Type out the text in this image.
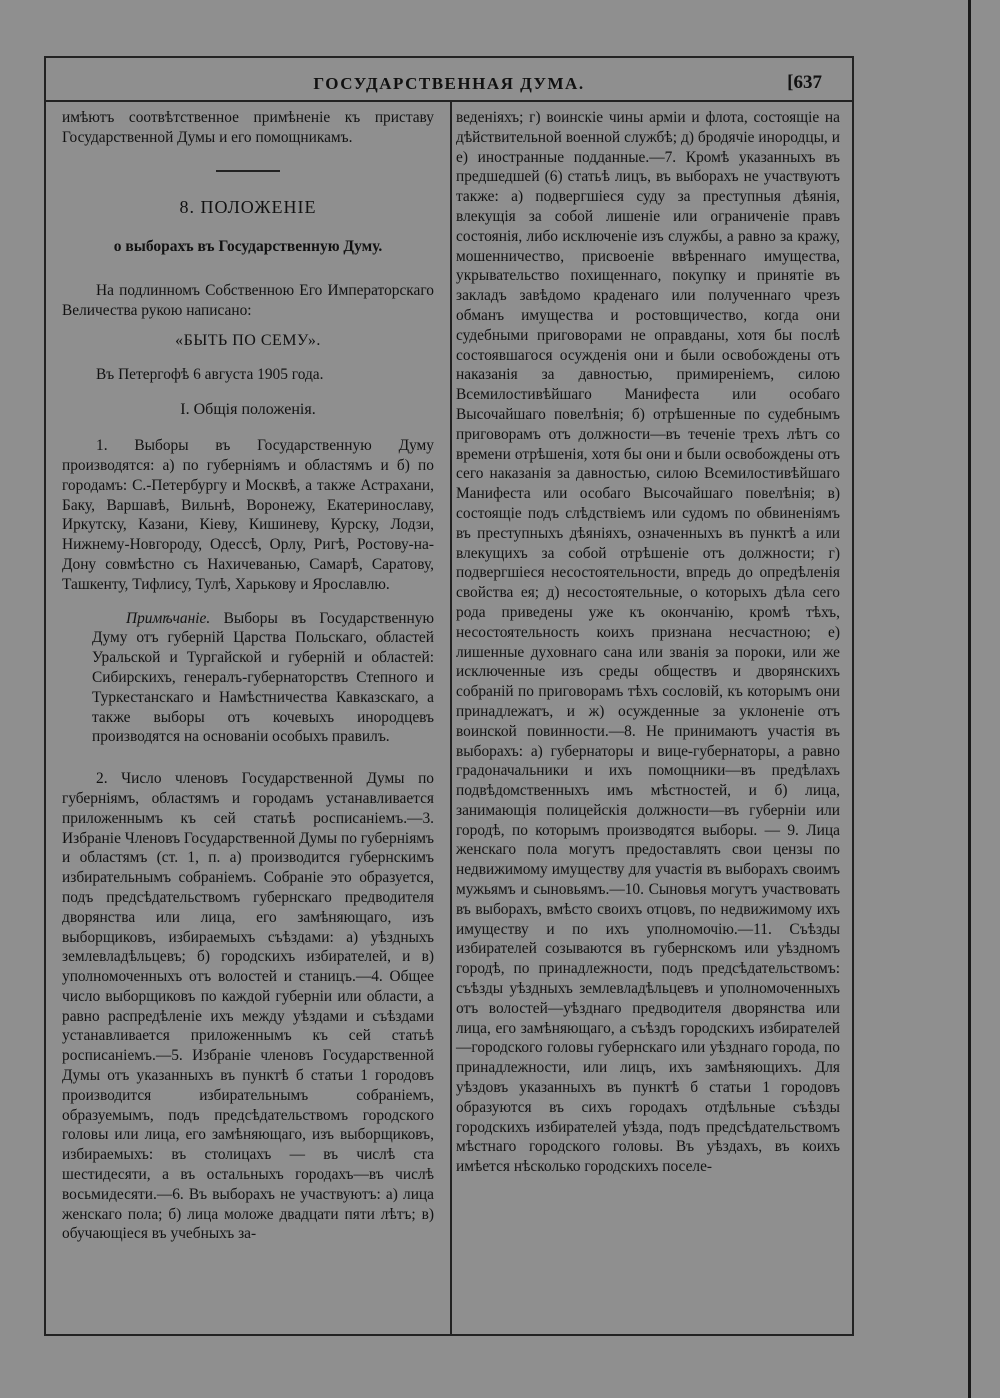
ГОСУДАРСТВЕННАЯ ДУМА.	[637

имѣютъ соотвѣтственное примѣненіе къ приставу Государственной Думы и его помощникамъ.

8. ПОЛОЖЕНІЕ
о выборахъ въ Государственную Думу.

На подлинномъ Собственною Его Императорскаго Величества рукою написано:

«БЫТЬ ПО СЕМУ».

Въ Петергофѣ 6 августа 1905 года.

I. Общія положенія.

1. Выборы въ Государственную Думу производятся: а) по губерніямъ и областямъ и б) по городамъ: С.-Петербургу и Москвѣ, а также Астрахани, Баку, Варшавѣ, Вильнѣ, Воронежу, Екатеринославу, Иркутску, Казани, Кіеву, Кишиневу, Курску, Лодзи, Нижнему-Новгороду, Одессѣ, Орлу, Ригѣ, Ростову-на-Дону совмѣстно съ Нахичеванью, Самарѣ, Саратову, Ташкенту, Тифлису, Тулѣ, Харькову и Ярославлю.

Примѣчаніе. Выборы въ Государственную Думу отъ губерній Царства Польскаго, областей Уральской и Тургайской и губерній и областей: Сибирскихъ, генералъ-губернаторствъ Степного и Туркестанскаго и Намѣстничества Кавказскаго, а также выборы отъ кочевыхъ инородцевъ производятся на основаніи особыхъ правилъ.

2. Число членовъ Государственной Думы по губерніямъ, областямъ и городамъ устанавливается приложеннымъ къ сей статьѣ росписаніемъ.—3. Избраніе Членовъ Государственной Думы по губерніямъ и областямъ (ст. 1, п. а) производится губернскимъ избирательнымъ собраніемъ. Собраніе это образуется, подъ предсѣдательствомъ губернскаго предводителя дворянства или лица, его замѣняющаго, изъ выборщиковъ, избираемыхъ съѣздами: а) уѣздныхъ землевладѣльцевъ; б) городскихъ избирателей, и в) уполномоченныхъ отъ волостей и станицъ.—4. Общее число выборщиковъ по каждой губерніи или области, а равно распредѣленіе ихъ между уѣздами и съѣздами устанавливается приложеннымъ къ сей статьѣ росписаніемъ.—5. Избраніе членовъ Государственной Думы отъ указанныхъ въ пунктѣ б статьи 1 городовъ производится избирательнымъ собраніемъ, образуемымъ, подъ предсѣдательствомъ городского головы или лица, его замѣняющаго, изъ выборщиковъ, избираемыхъ: въ столицахъ — въ числѣ ста шестидесяти, а въ остальныхъ городахъ—въ числѣ восьмидесяти.—6. Въ выборахъ не участвуютъ: а) лица женскаго пола; б) лица моложе двадцати пяти лѣтъ; в) обучающіеся въ учебныхъ за-

веденіяхъ; г) воинскіе чины арміи и флота, состоящіе на дѣйствительной военной службѣ; д) бродячіе инородцы, и е) иностранные подданные.—7. Кромѣ указанныхъ въ предшедшей (6) статьѣ лицъ, въ выборахъ не участвуютъ также: а) подвергшіеся суду за преступныя дѣянія, влекущія за собой лишеніе или ограниченіе правъ состоянія, либо исключеніе изъ службы, а равно за кражу, мошенничество, присвоеніе ввѣреннаго имущества, укрывательство похищеннаго, покупку и принятіе въ закладъ завѣдомо краденаго или полученнаго чрезъ обманъ имущества и ростовщичество, когда они судебными приговорами не оправданы, хотя бы послѣ состоявшагося осужденія они и были освобождены отъ наказанія за давностью, примиреніемъ, силою Всемилостивѣйшаго Манифеста или особаго Высочайшаго повелѣнія; б) отрѣшенные по судебнымъ приговорамъ отъ должности—въ теченіе трехъ лѣтъ со времени отрѣшенія, хотя бы они и были освобождены отъ сего наказанія за давностью, силою Всемилостивѣйшаго Манифеста или особаго Высочайшаго повелѣнія; в) состоящіе подъ слѣдствіемъ или судомъ по обвиненіямъ въ преступныхъ дѣяніяхъ, означенныхъ въ пунктѣ а или влекущихъ за собой отрѣшеніе отъ должности; г) подвергшіеся несостоятельности, впредь до опредѣленія свойства ея; д) несостоятельные, о которыхъ дѣла сего рода приведены уже къ окончанію, кромѣ тѣхъ, несостоятельность коихъ признана несчастною; е) лишенные духовнаго сана или званія за пороки, или же исключенные изъ среды обществъ и дворянскихъ собраній по приговорамъ тѣхъ сословій, къ которымъ они принадлежатъ, и ж) осужденные за уклоненіе отъ воинской повинности.—8. Не принимаютъ участія въ выборахъ: а) губернаторы и вице-губернаторы, а равно градоначальники и ихъ помощники—въ предѣлахъ подвѣдомственныхъ имъ мѣстностей, и б) лица, занимающія полицейскія должности—въ губерніи или городѣ, по которымъ производятся выборы. — 9. Лица женскаго пола могутъ предоставлять свои цензы по недвижимому имуществу для участія въ выборахъ своимъ мужьямъ и сыновьямъ.—10. Сыновья могутъ участвовать въ выборахъ, вмѣсто своихъ отцовъ, по недвижимому ихъ имуществу и по ихъ уполномочію.—11. Съѣзды избирателей созываются въ губернскомъ или уѣздномъ городѣ, по принадлежности, подъ предсѣдательствомъ: съѣзды уѣздныхъ землевладѣльцевъ и уполномоченныхъ отъ волостей—уѣзднаго предводителя дворянства или лица, его замѣняющаго, а съѣздъ городскихъ избирателей—городского головы губернскаго или уѣзднаго города, по принадлежности, или лицъ, ихъ замѣняющихъ. Для уѣздовъ указанныхъ въ пунктѣ б статьи 1 городовъ образуются въ сихъ городахъ отдѣльные съѣзды городскихъ избирателей уѣзда, подъ предсѣдательствомъ мѣстнаго городского головы. Въ уѣздахъ, въ коихъ имѣется нѣсколько городскихъ поселе-
